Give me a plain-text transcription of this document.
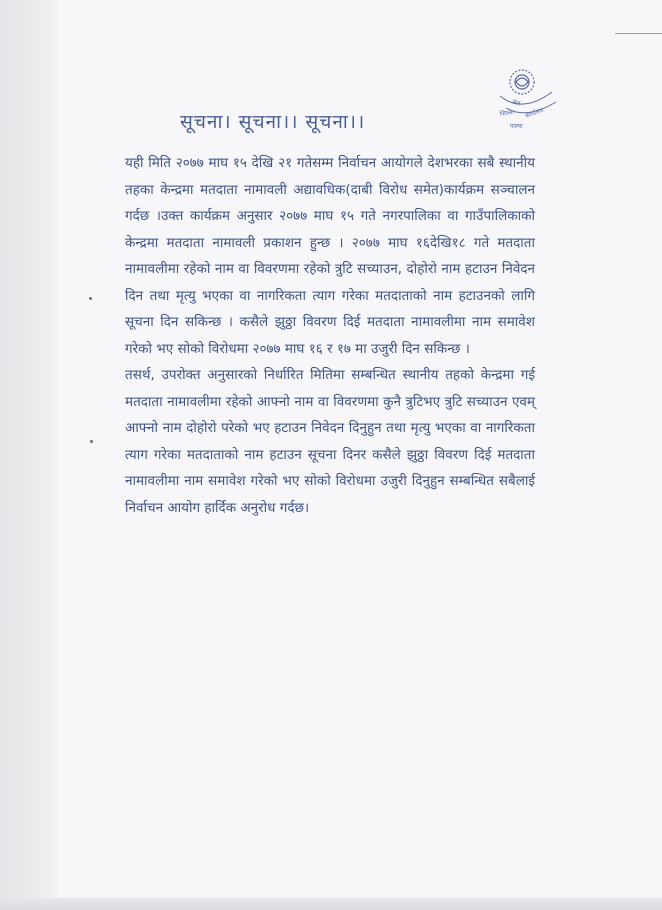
सेल
जिल्ला कार्यालय
पाल्पा
सूचना। सूचना।। सूचना।।

यही मिति २०७७ माघ १५ देखि २१ गतेसम्म निर्वाचन आयोगले देशभरका सबै स्थानीय तहका केन्द्रमा मतदाता नामावली अद्यावधिक(दाबी विरोध समेत)कार्यक्रम सञ्चालन गर्दछ ।उक्त कार्यक्रम अनुसार २०७७ माघ १५ गते नगरपालिका वा गाउँपालिकाको केन्द्रमा मतदाता नामावली प्रकाशन हुन्छ । २०७७ माघ १६देखि१८ गते मतदाता नामावलीमा रहेको नाम वा विवरणमा रहेको त्रुटि सच्याउन, दोहोरो नाम हटाउन निवेदन दिन तथा मृत्यु भएका वा नागरिकता त्याग गरेका मतदाताको नाम हटाउनको लागि सूचना दिन सकिन्छ । कसैले झुठ्ठा विवरण दिई मतदाता नामावलीमा नाम समावेश गरेको भए सोको विरोधमा २०७७ माघ १६ र १७ मा उजुरी दिन सकिन्छ ।

तसर्थ, उपरोक्त अनुसारको निर्धारित मितिमा सम्बन्धित स्थानीय तहको केन्द्रमा गई मतदाता नामावलीमा रहेको आफ्नो नाम वा विवरणमा कुनै त्रुटिभए त्रुटि सच्याउन एवम् आफ्नो नाम दोहोरो परेको भए हटाउन निवेदन दिनुहुन तथा मृत्यु भएका वा नागरिकता त्याग गरेका मतदाताको नाम हटाउन सूचना दिनर कसैले झुठ्ठा विवरण दिई मतदाता नामावलीमा नाम समावेश गरेको भए सोको विरोधमा उजुरी दिनुहुन सम्बन्धित सबैलाई निर्वाचन आयोग हार्दिक अनुरोध गर्दछ।
